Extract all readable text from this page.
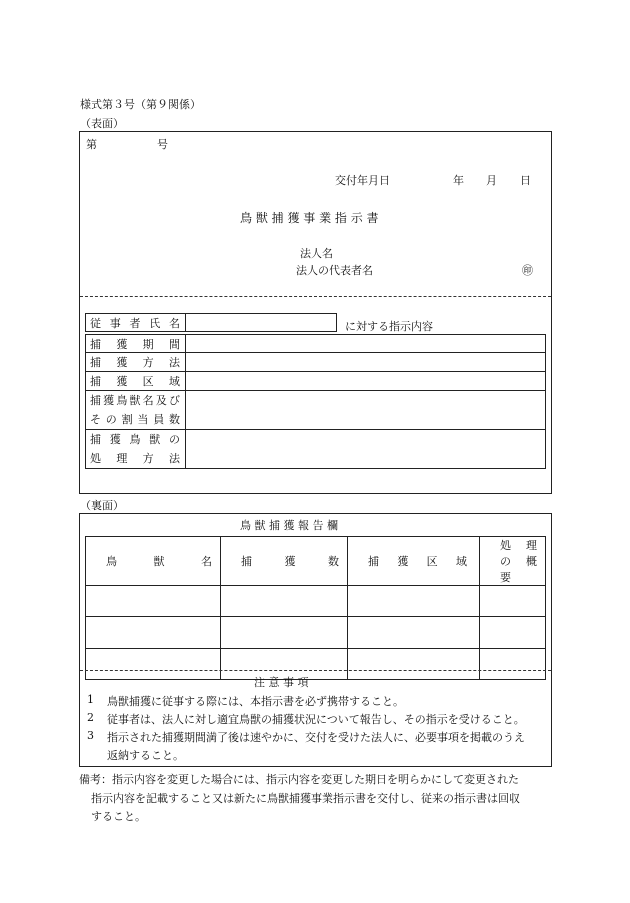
様式第３号（第９関係）
（表面）
第	号
交付年月日	年 月 日
鳥 獣 捕 獲 事 業 指 示 書
法人名
法人の代表者名	㊞
従 事 者 氏 名
		に対する指示内容
捕 獲 期 間	

捕 獲 方 法	

捕 獲 区 域	

捕獲鳥獣名及び
その割当員数	

捕 獲 鳥 獣 の
処 理 方 法	

（裏面）
鳥 獣 捕 獲 報 告 欄
鳥 獣 名	捕 獲 数	捕 獲 区 域	処 理 の 概 要

注 意 事 項
1 鳥獣捕獲に従事する際には、本指示書を必ず携帯すること。
2 従事者は、法人に対し適宜鳥獣の捕獲状況について報告し、その指示を受けること。
3 指示された捕獲期間満了後は速やかに、交付を受けた法人に、必要事項を掲載のうえ
返納すること。
備考：指示内容を変更した場合には、指示内容を変更した期日を明らかにして変更された
指示内容を記載すること又は新たに鳥獣捕獲事業指示書を交付し、従来の指示書は回収
すること。
